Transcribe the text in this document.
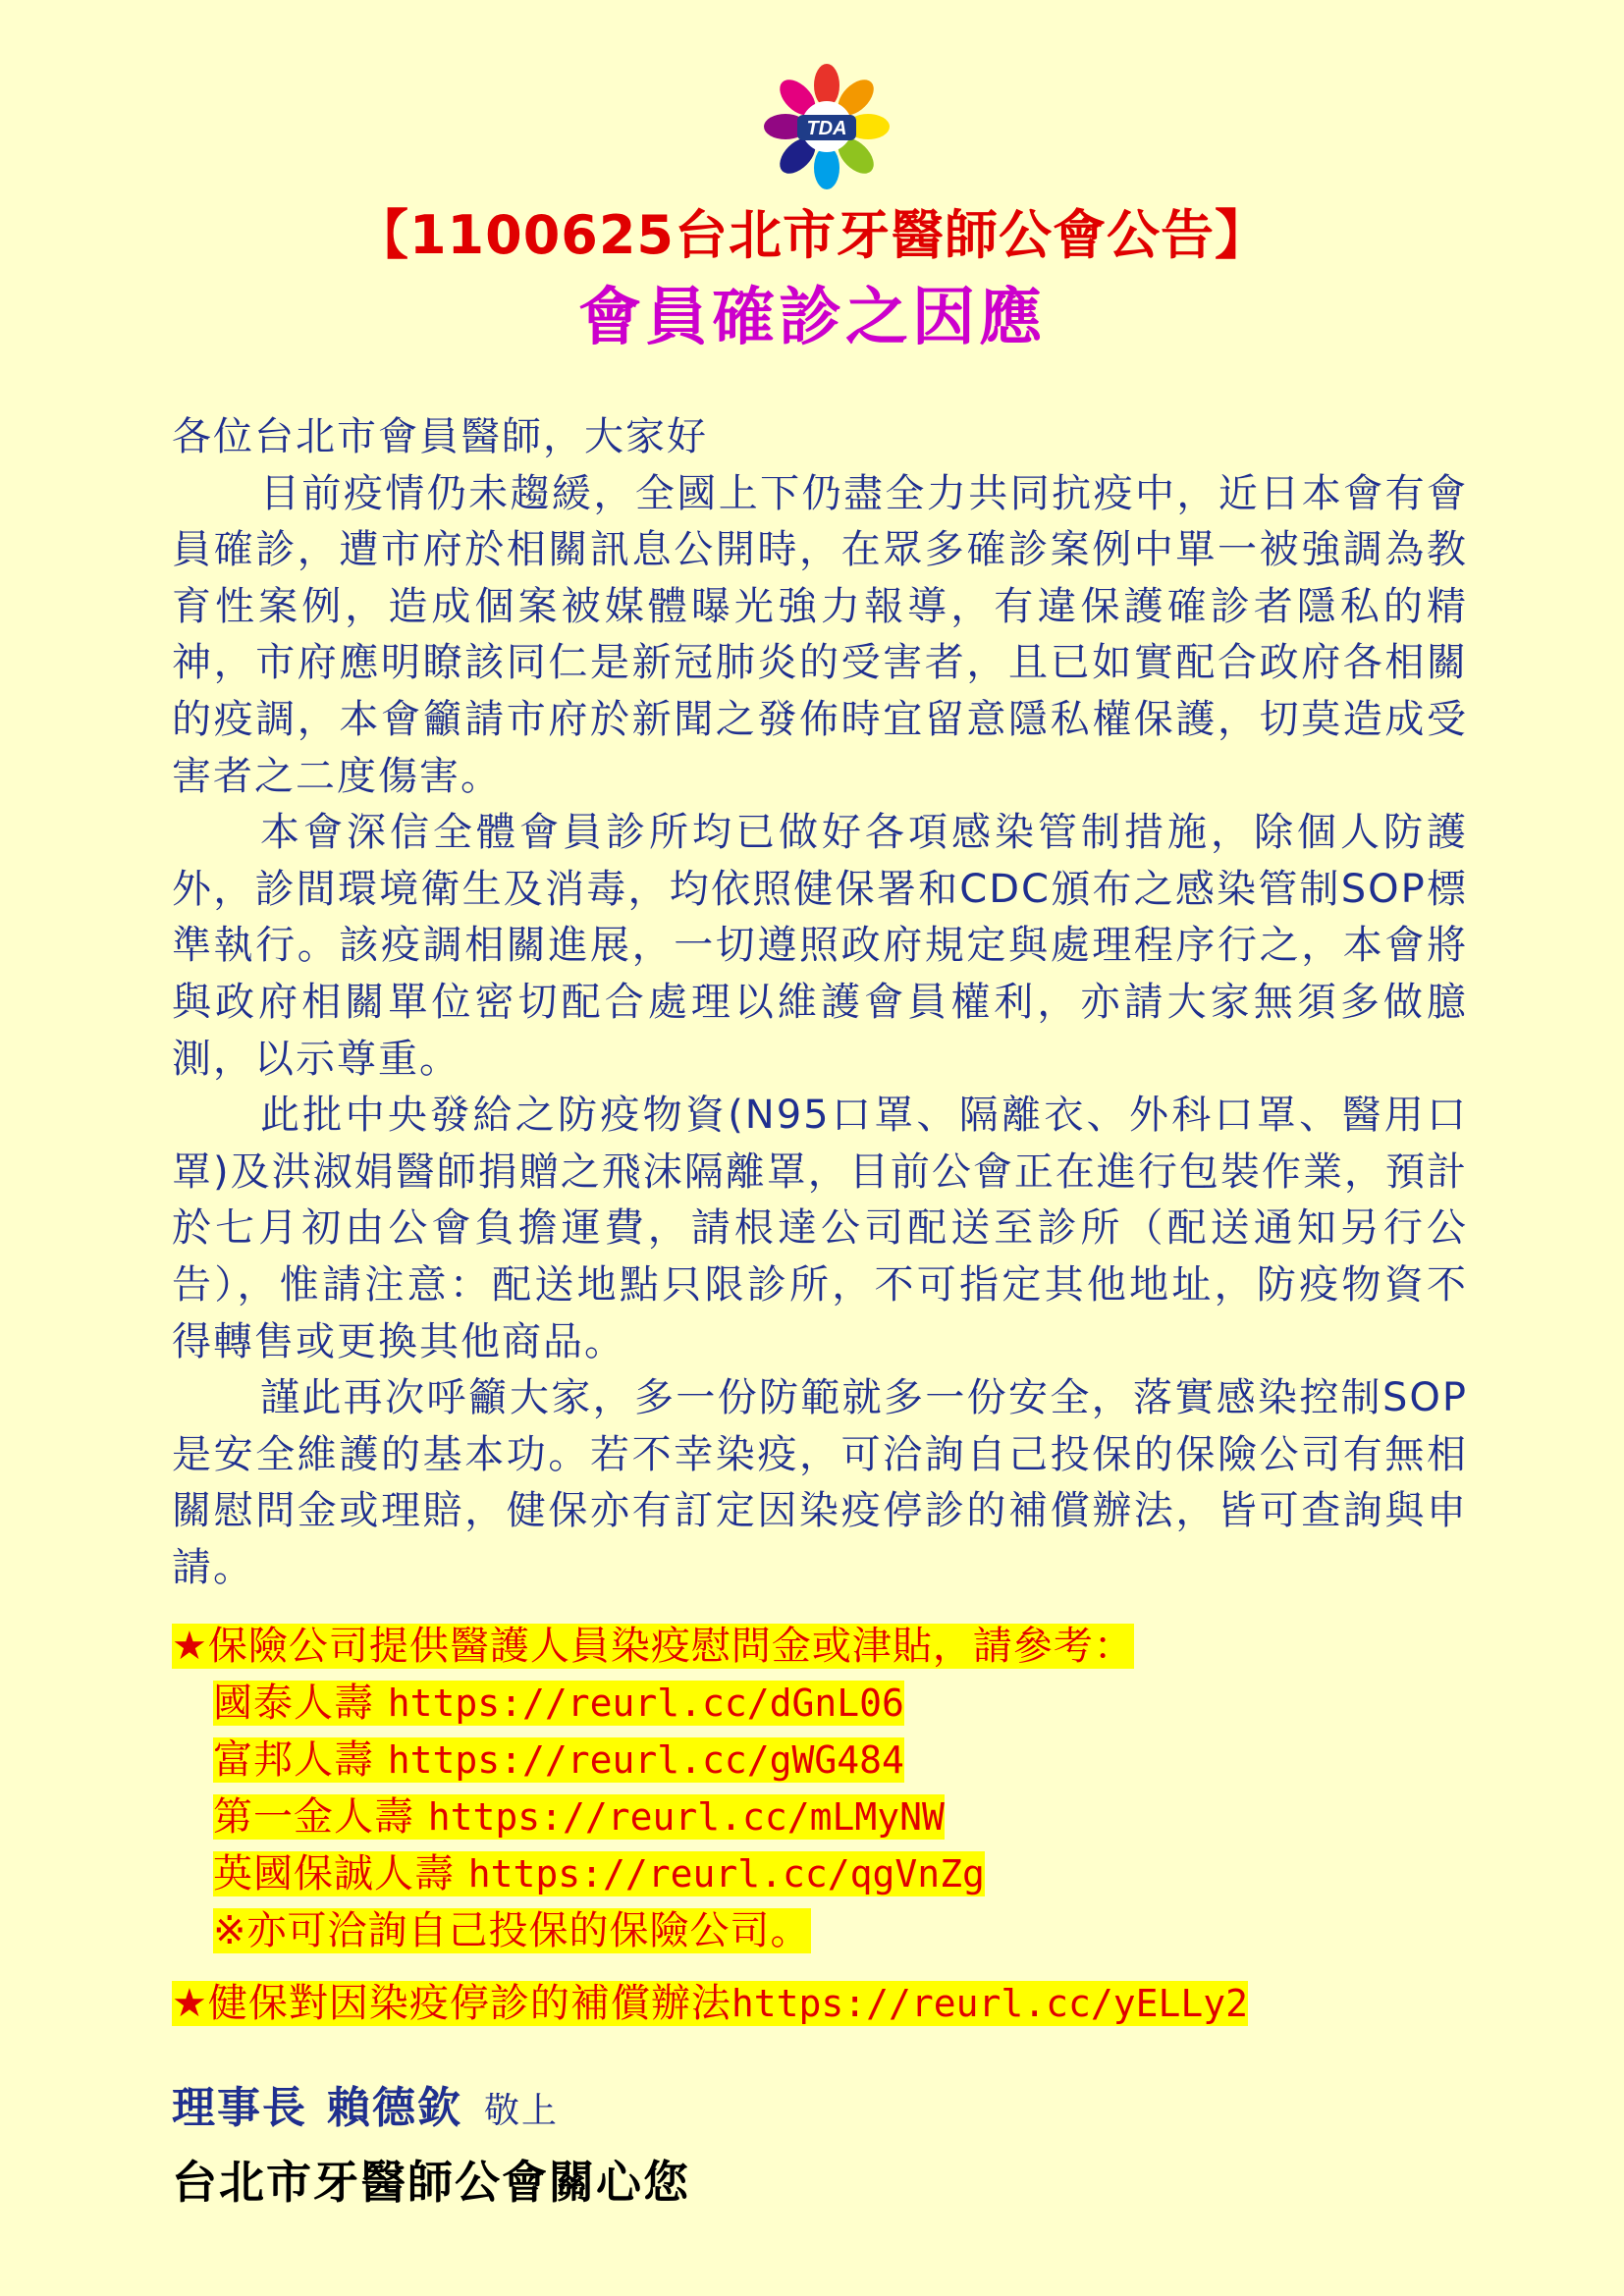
TDA
【1100625台北市牙醫師公會公告】
會員確診之因應

各位台北市會員醫師，大家好

目前疫情仍未趨緩，全國上下仍盡全力共同抗疫中，近日本會有會員確診，遭市府於相關訊息公開時，在眾多確診案例中單一被強調為教育性案例，造成個案被媒體曝光強力報導，有違保護確診者隱私的精神，市府應明瞭該同仁是新冠肺炎的受害者，且已如實配合政府各相關的疫調，本會籲請市府於新聞之發佈時宜留意隱私權保護，切莫造成受害者之二度傷害。

本會深信全體會員診所均已做好各項感染管制措施，除個人防護外，診間環境衛生及消毒，均依照健保署和CDC頒布之感染管制SOP標準執行。該疫調相關進展，一切遵照政府規定與處理程序行之，本會將與政府相關單位密切配合處理以維護會員權利，亦請大家無須多做臆測，以示尊重。

此批中央發給之防疫物資(N95口罩、隔離衣、外科口罩、醫用口罩)及洪淑娟醫師捐贈之飛沫隔離罩，目前公會正在進行包裝作業，預計於七月初由公會負擔運費，請根達公司配送至診所（配送通知另行公告），惟請注意：配送地點只限診所，不可指定其他地址，防疫物資不得轉售或更換其他商品。

謹此再次呼籲大家，多一份防範就多一份安全，落實感染控制SOP是安全維護的基本功。若不幸染疫，可洽詢自己投保的保險公司有無相關慰問金或理賠，健保亦有訂定因染疫停診的補償辦法，皆可查詢與申請。

★保險公司提供醫護人員染疫慰問金或津貼，請參考：
國泰人壽 https://reurl.cc/dGnL06
富邦人壽 https://reurl.cc/gWG484
第一金人壽 https://reurl.cc/mLMyNW
英國保誠人壽 https://reurl.cc/qgVnZg
※亦可洽詢自己投保的保險公司。
★健保對因染疫停診的補償辦法https://reurl.cc/yELLy2
理事長 賴德欽 敬上
台北市牙醫師公會關心您
